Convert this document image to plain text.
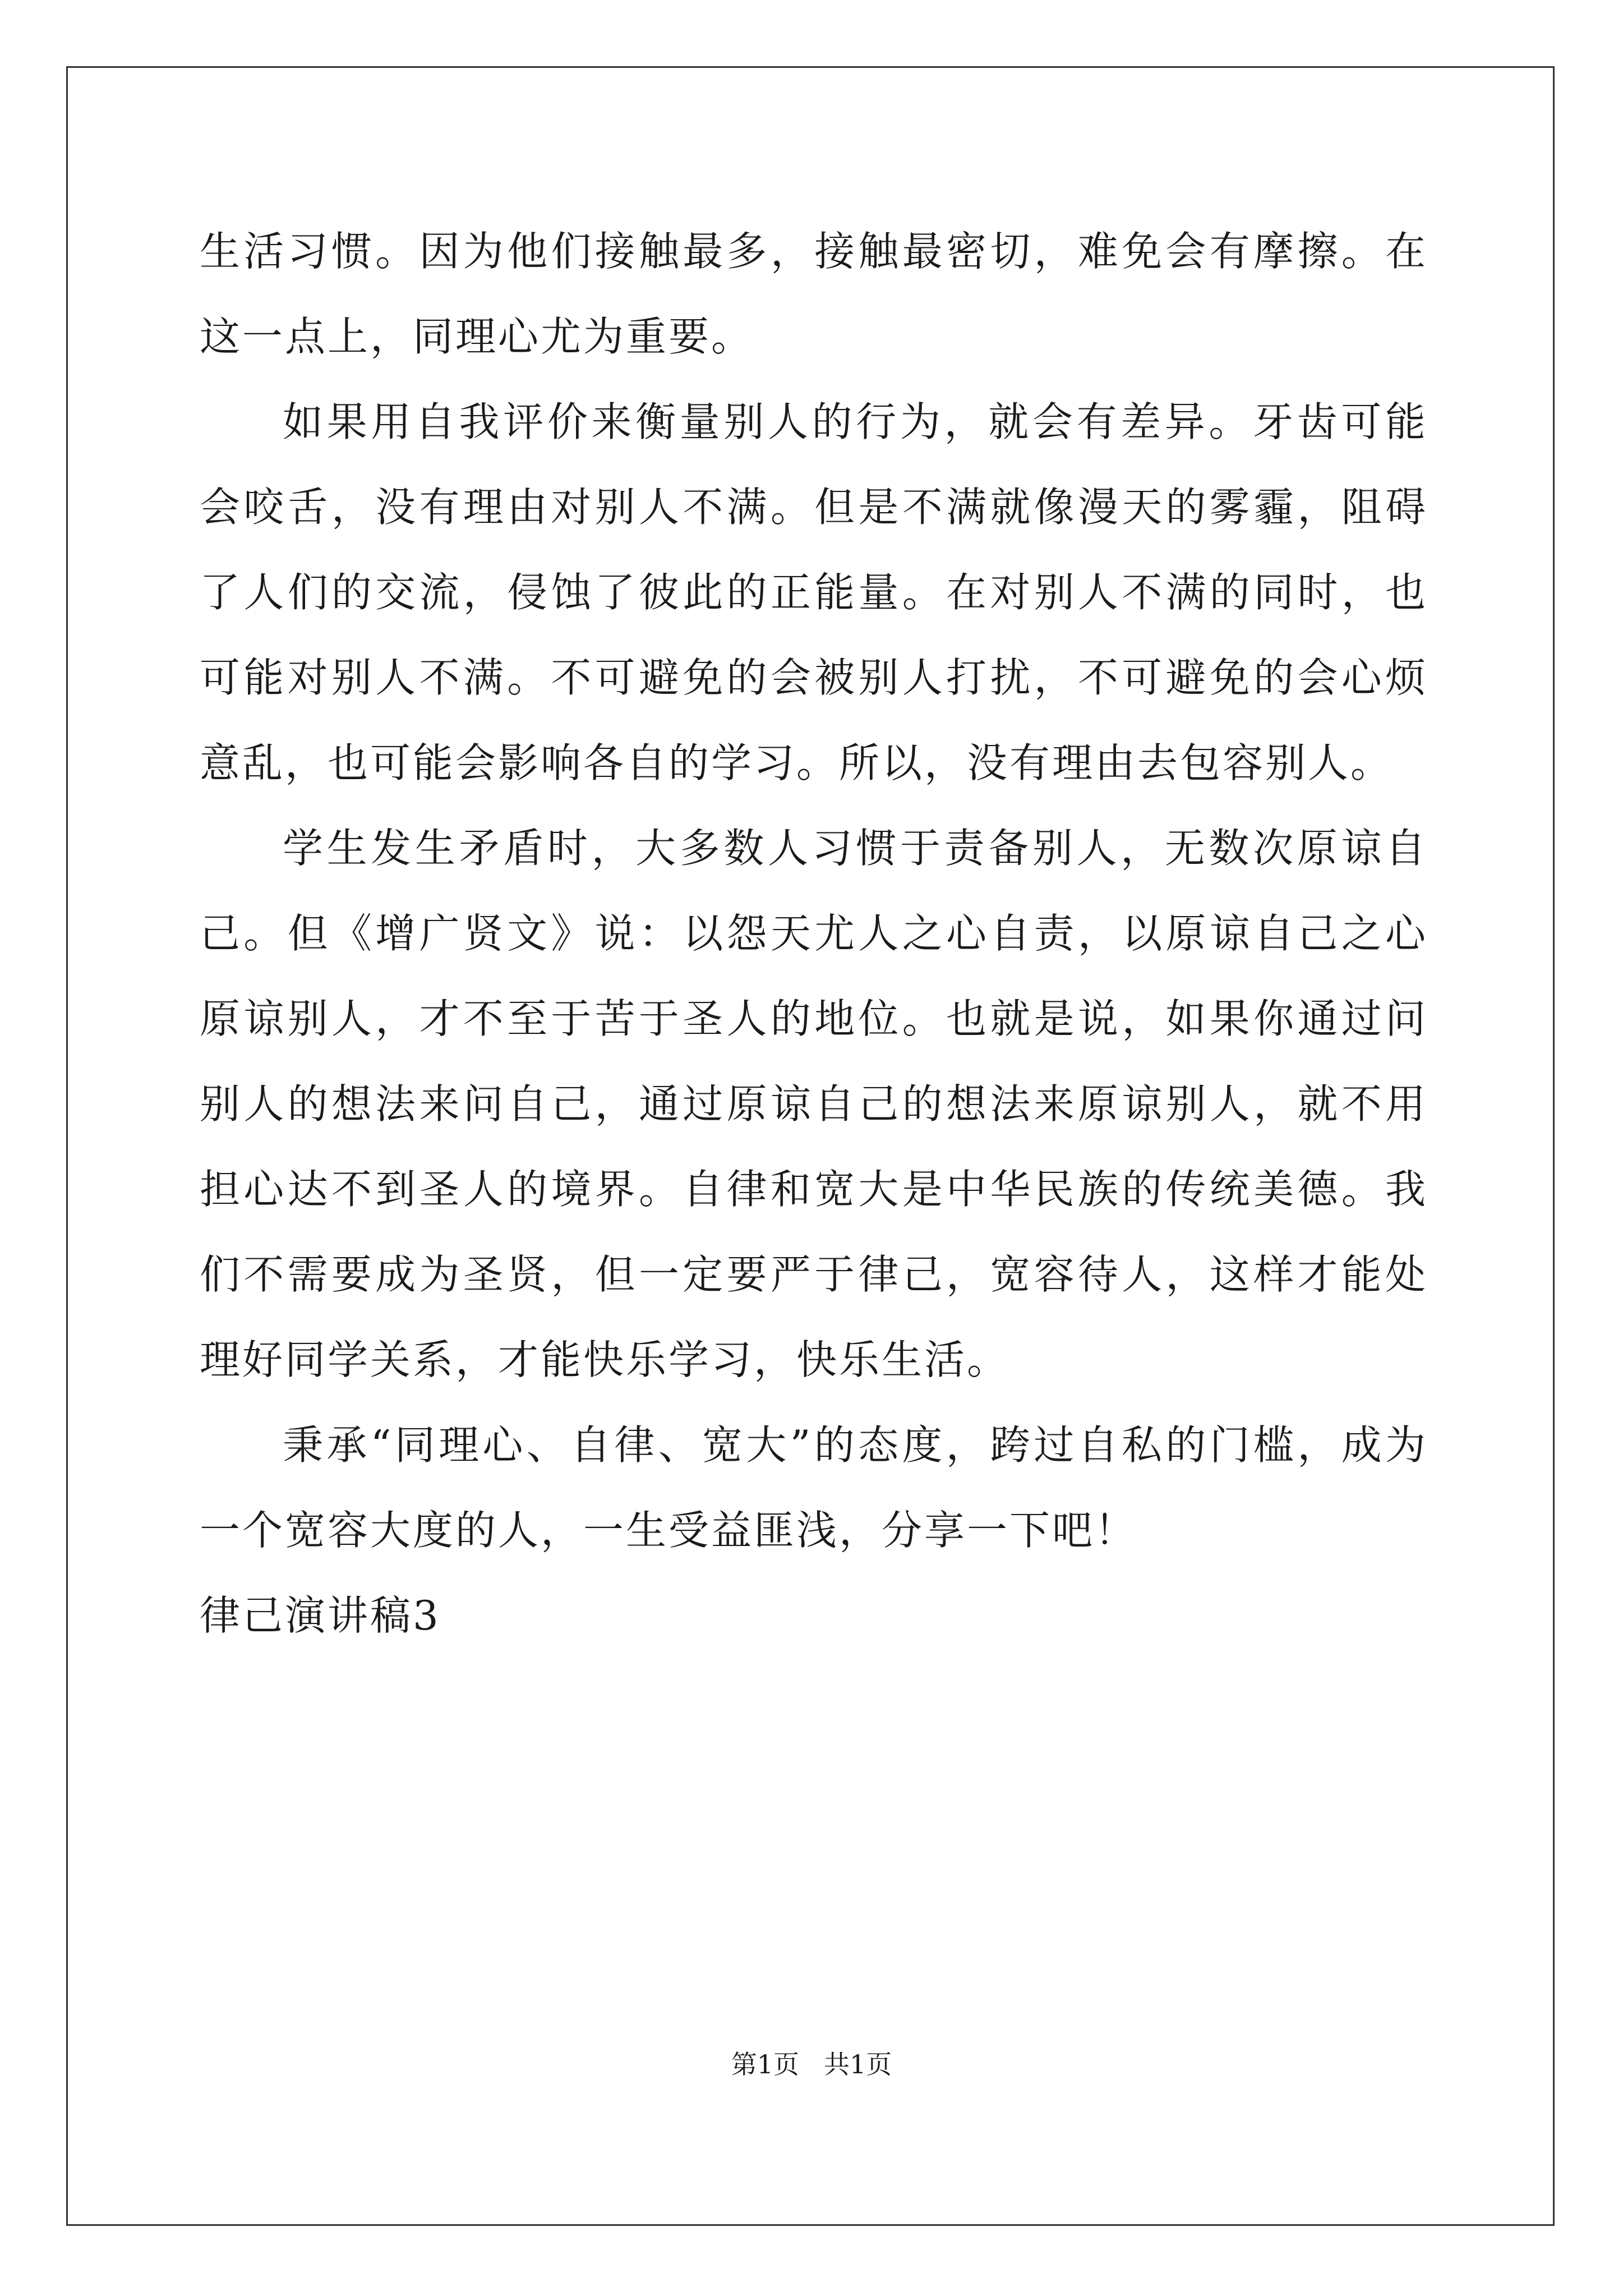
生活习惯。因为他们接触最多，接触最密切，难免会有摩擦。在这一点上，同理心尤为重要。

如果用自我评价来衡量别人的行为，就会有差异。牙齿可能会咬舌，没有理由对别人不满。但是不满就像漫天的雾霾，阻碍了人们的交流，侵蚀了彼此的正能量。在对别人不满的同时，也可能对别人不满。不可避免的会被别人打扰，不可避免的会心烦意乱，也可能会影响各自的学习。所以，没有理由去包容别人。

学生发生矛盾时，大多数人习惯于责备别人，无数次原谅自己。但《增广贤文》说：以怨天尤人之心自责，以原谅自己之心原谅别人，才不至于苦于圣人的地位。也就是说，如果你通过问别人的想法来问自己，通过原谅自己的想法来原谅别人，就不用担心达不到圣人的境界。自律和宽大是中华民族的传统美德。我们不需要成为圣贤，但一定要严于律己，宽容待人，这样才能处理好同学关系，才能快乐学习，快乐生活。

秉承“同理心、自律、宽大”的态度，跨过自私的门槛，成为一个宽容大度的人，一生受益匪浅，分享一下吧！

律己演讲稿3

第1页 共1页
